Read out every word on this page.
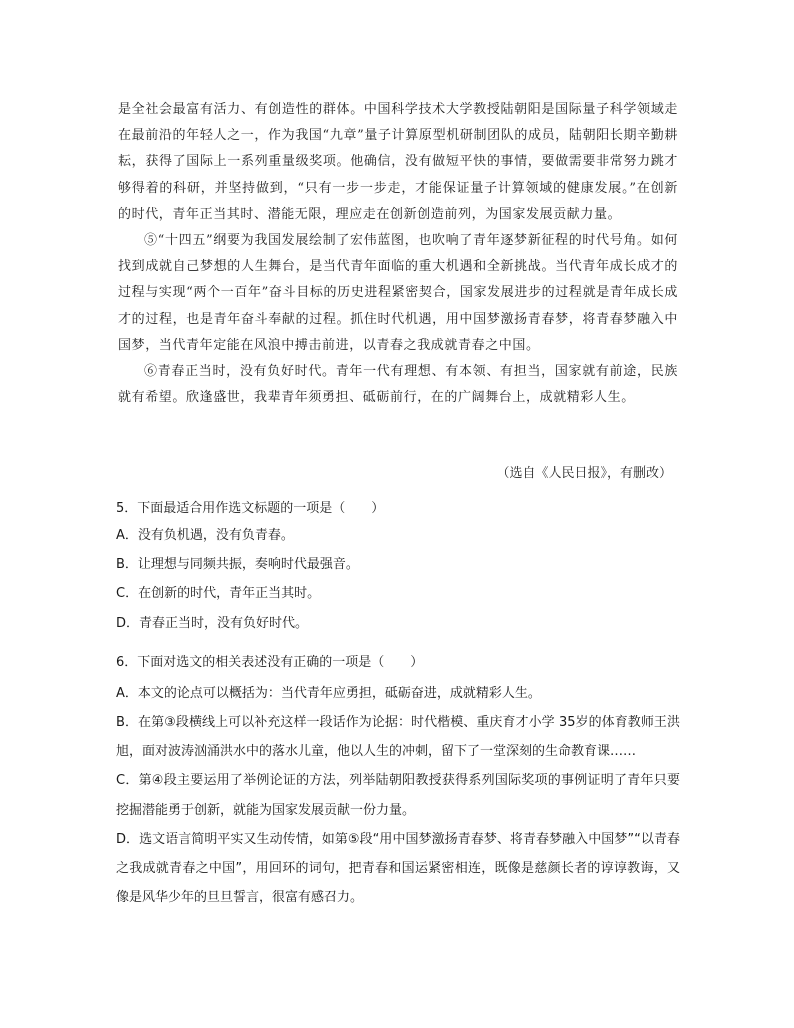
是全社会最富有活力、有创造性的群体。中国科学技术大学教授陆朝阳是国际量子科学领域走在最前沿的年轻人之一，作为我国“九章”量子计算原型机研制团队的成员，陆朝阳长期辛勤耕耘，获得了国际上一系列重量级奖项。他确信，没有做短平快的事情，要做需要非常努力跳才够得着的科研，并坚持做到，“只有一步一步走，才能保证量子计算领域的健康发展。”在创新的时代，青年正当其时、潜能无限，理应走在创新创造前列，为国家发展贡献力量。

⑤“十四五”纲要为我国发展绘制了宏伟蓝图，也吹响了青年逐梦新征程的时代号角。如何找到成就自己梦想的人生舞台，是当代青年面临的重大机遇和全新挑战。当代青年成长成才的过程与实现“两个一百年”奋斗目标的历史进程紧密契合，国家发展进步的过程就是青年成长成才的过程，也是青年奋斗奉献的过程。抓住时代机遇，用中国梦激扬青春梦，将青春梦融入中国梦，当代青年定能在风浪中搏击前进，以青春之我成就青春之中国。

⑥青春正当时，没有负好时代。青年一代有理想、有本领、有担当，国家就有前途，民族就有希望。欣逢盛世，我辈青年须勇担、砥砺前行，在的广阔舞台上，成就精彩人生。

（选自《人民日报》，有删改）

5．下面最适合用作选文标题的一项是（　　）

A．没有负机遇，没有负青春。

B．让理想与同频共振，奏响时代最强音。

C．在创新的时代，青年正当其时。

D．青春正当时，没有负好时代。

6．下面对选文的相关表述没有正确的一项是（　　）

A．本文的论点可以概括为：当代青年应勇担，砥砺奋进，成就精彩人生。

B．在第③段横线上可以补充这样一段话作为论据：时代楷模、重庆育才小学 35岁的体育教师王洪旭，面对波涛汹涌洪水中的落水儿童，他以人生的冲刺，留下了一堂深刻的生命教育课……

C．第④段主要运用了举例论证的方法，列举陆朝阳教授获得系列国际奖项的事例证明了青年只要挖掘潜能勇于创新，就能为国家发展贡献一份力量。

D．选文语言简明平实又生动传情，如第⑤段“用中国梦激扬青春梦、将青春梦融入中国梦”“以青春之我成就青春之中国”，用回环的词句，把青春和国运紧密相连，既像是慈颜长者的谆谆教诲，又像是风华少年的旦旦誓言，很富有感召力。
